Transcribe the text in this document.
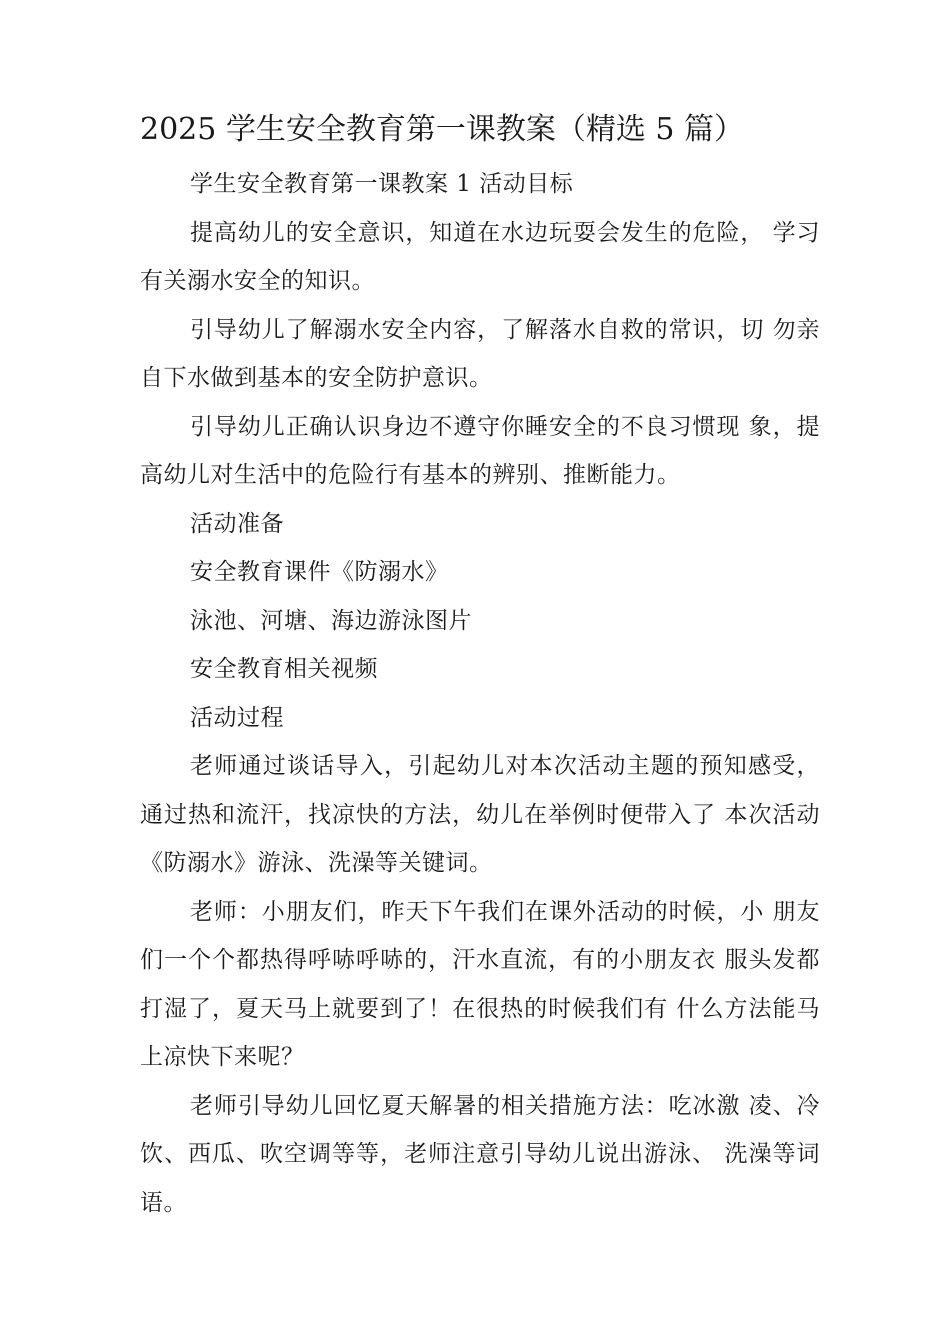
2025 学生安全教育第一课教案（精选 5 篇）

学生安全教育第一课教案 1 活动目标

提高幼儿的安全意识，知道在水边玩耍会发生的危险， 学习有关溺水安全的知识。

引导幼儿了解溺水安全内容，了解落水自救的常识，切 勿亲自下水做到基本的安全防护意识。

引导幼儿正确认识身边不遵守你睡安全的不良习惯现 象，提高幼儿对生活中的危险行有基本的辨别、推断能力。

活动准备

安全教育课件《防溺水》

泳池、河塘、海边游泳图片

安全教育相关视频

活动过程

老师通过谈话导入，引起幼儿对本次活动主题的预知感受，通过热和流汗，找凉快的方法，幼儿在举例时便带入了 本次活动《防溺水》游泳、洗澡等关键词。

老师：小朋友们，昨天下午我们在课外活动的时候，小 朋友们一个个都热得呼哧呼哧的，汗水直流，有的小朋友衣 服头发都打湿了，夏天马上就要到了！在很热的时候我们有 什么方法能马上凉快下来呢？

老师引导幼儿回忆夏天解暑的相关措施方法：吃冰激 凌、冷饮、西瓜、吹空调等等，老师注意引导幼儿说出游泳、 洗澡等词语。
